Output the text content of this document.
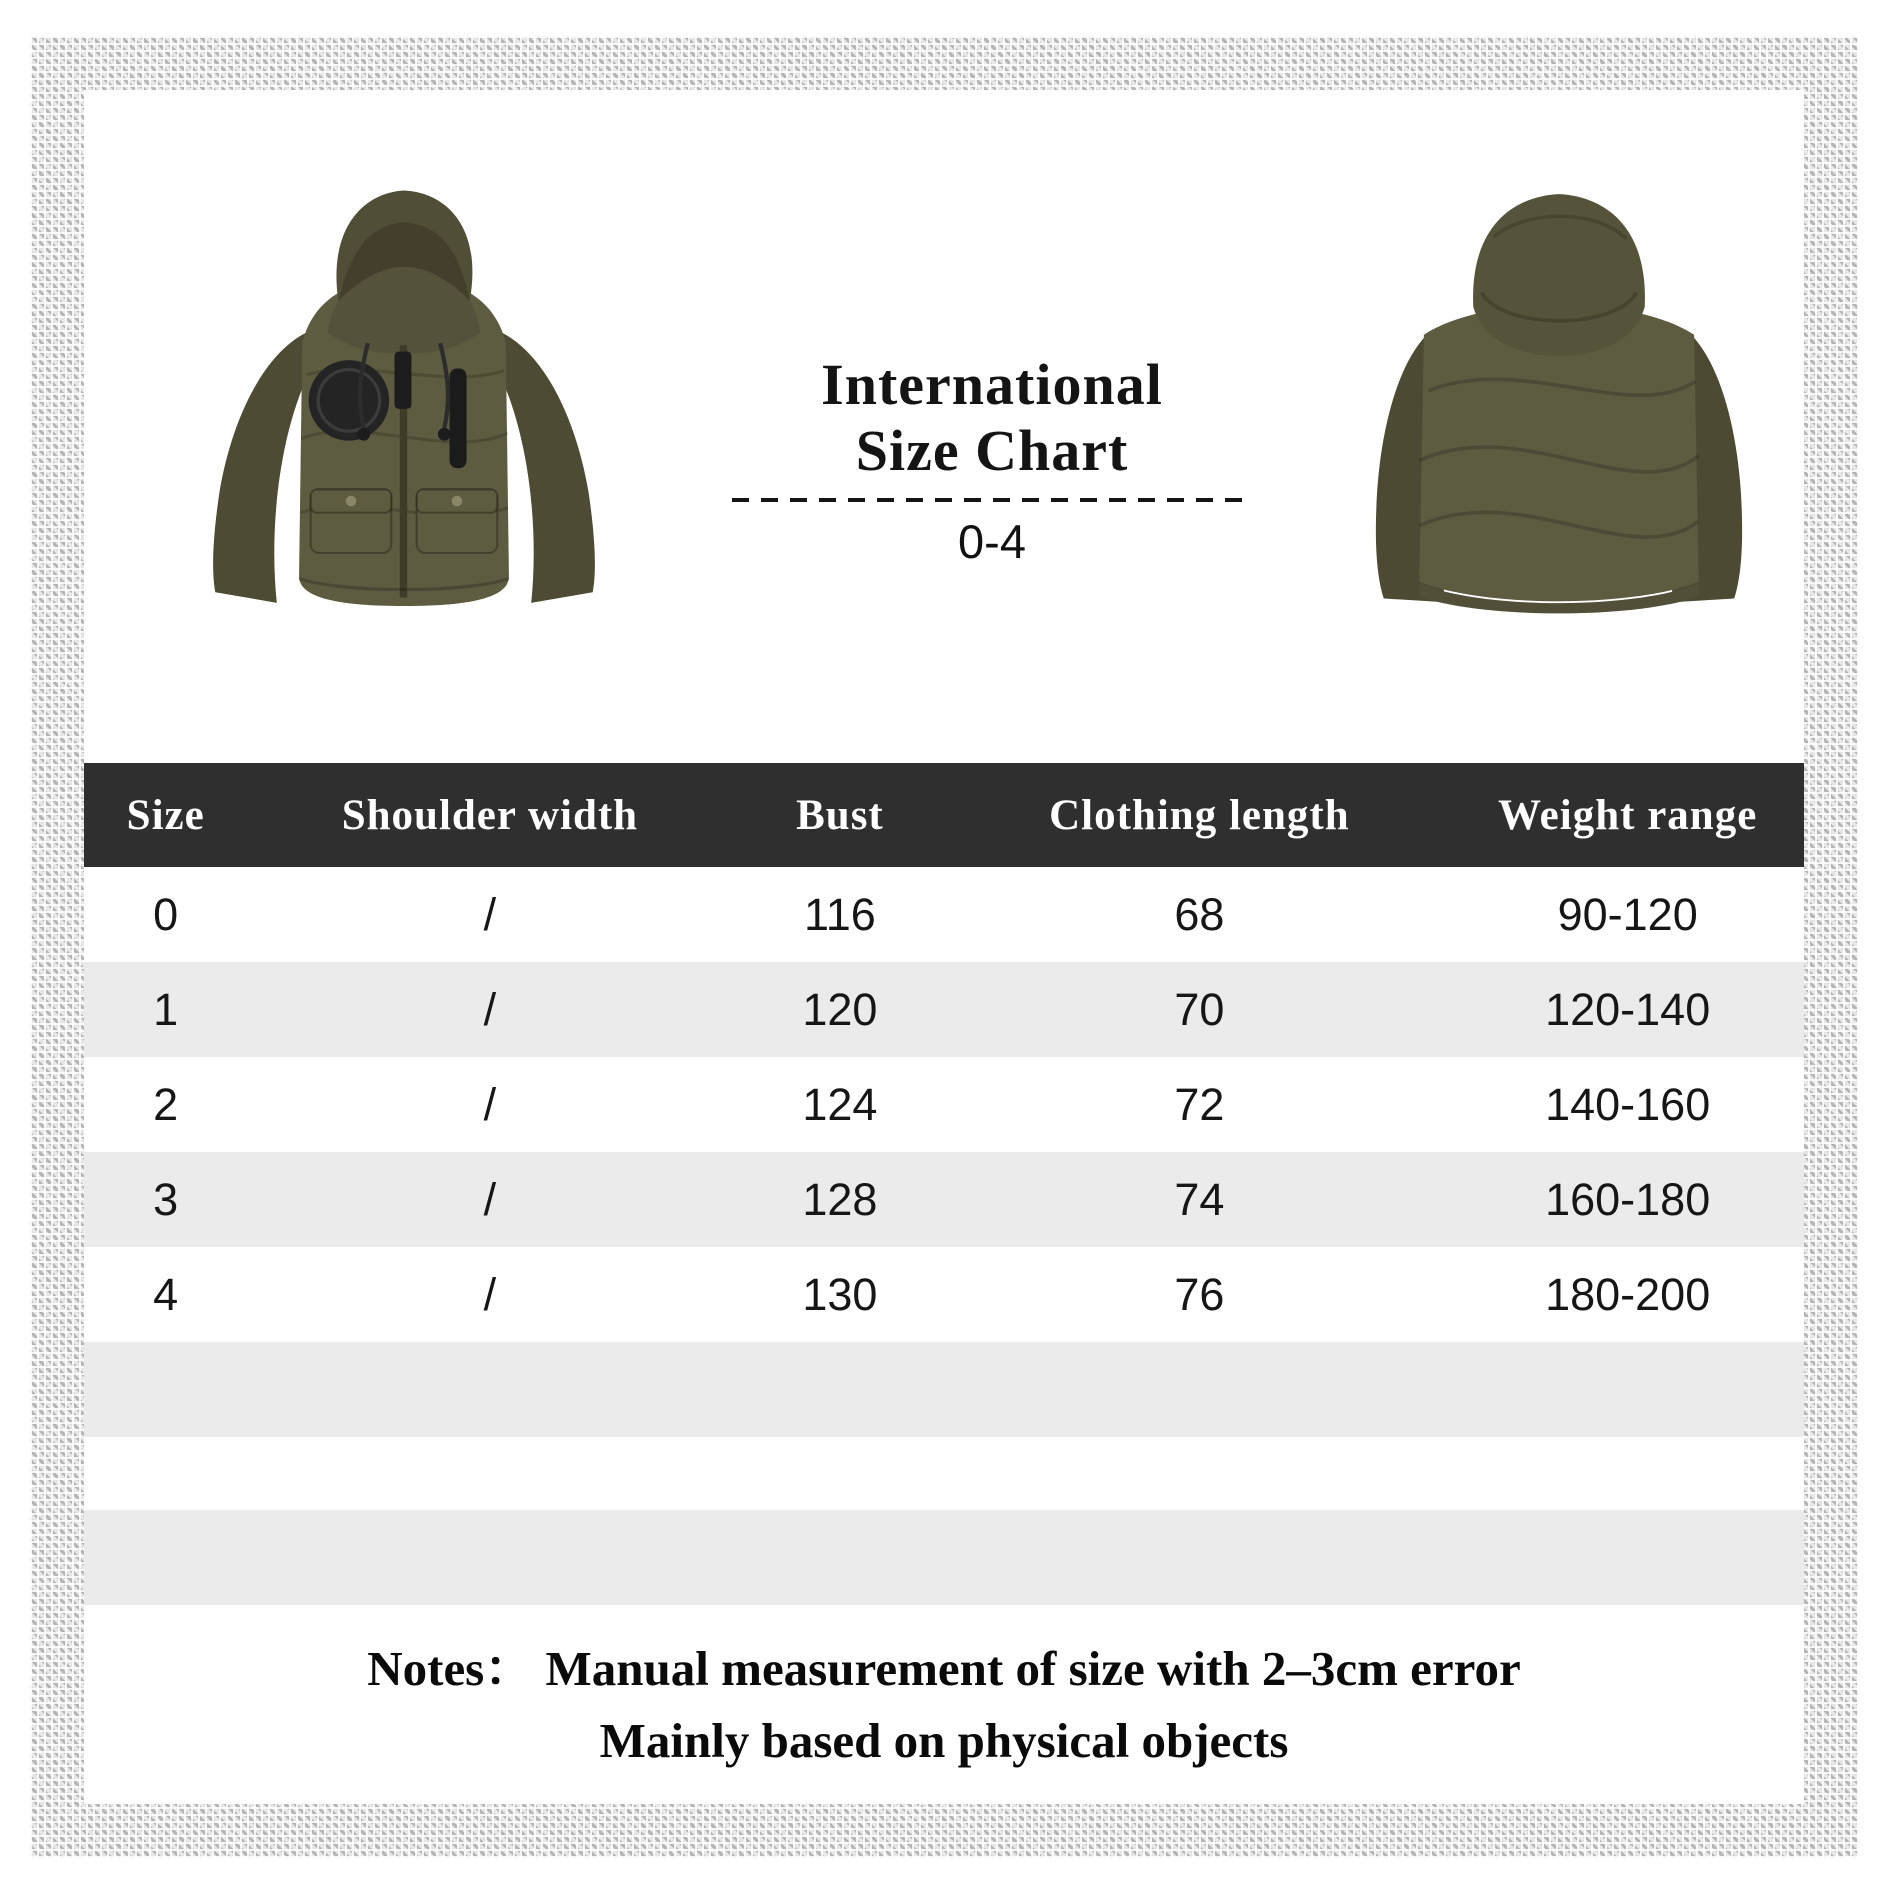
International
Size Chart
0-4
Size	Shoulder width	Bust	Clothing length	Weight range
0	/	116	68	90-120
1	/	120	70	120-140
2	/	124	72	140-160
3	/	128	74	160-180
4	/	130	76	180-200
Notes： Manual measurement of size with 2–3cm error
Mainly based on physical objects
